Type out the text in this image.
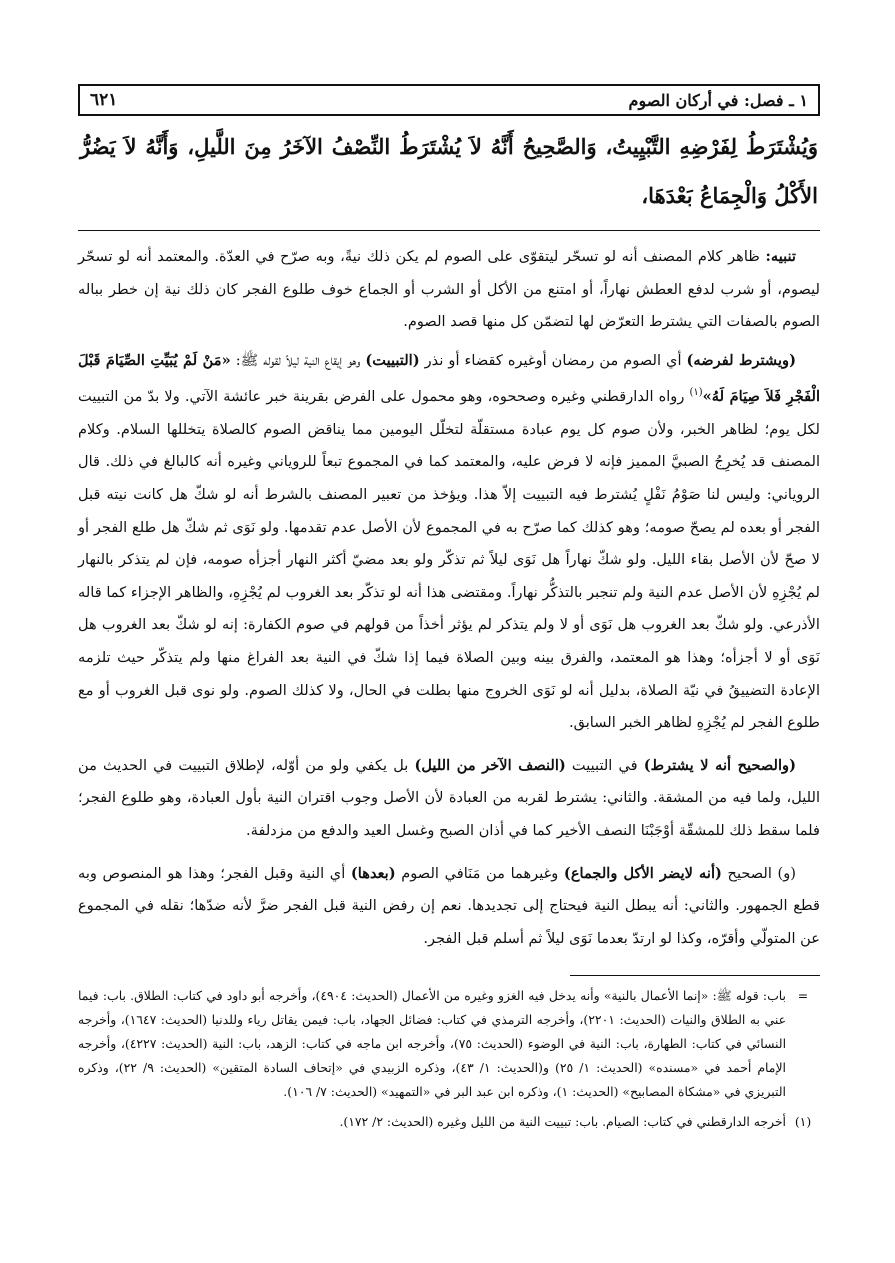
١ ـ فصل: في أركان الصوم
٦٢١
وَيُشْتَرَطُ لِفَرْضِهِ التَّبْيِيتُ، وَالصَّحِيحُ أَنَّهُ لاَ يُشْتَرَطُ النِّصْفُ الآخَرُ مِنَ اللَّيلِ، وَأَنَّهُ لاَ يَضُرُّ الأَكْلُ وَالْجِمَاعُ بَعْدَهَا،

تنبيه: ظاهر كلام المصنف أنه لو تسحّر ليتقوّى على الصوم لم يكن ذلك نيةً، وبه صرّح في العدّة. والمعتمد أنه لو تسحّر ليصوم، أو شرب لدفع العطش نهاراً، أو امتنع من الأكل أو الشرب أو الجماع خوف طلوع الفجر كان ذلك نية إن خطر بباله الصوم بالصفات التي يشترط التعرّض لها لتضمّن كل منها قصد الصوم.

(ويشترط لفرضه) أي الصوم من رمضان أوغيره كقضاء أو نذر (التبييت) وهو إيقاع النية ليلاً لقوله ﷺ: «مَنْ لَمْ يُبَيِّتِ الصِّيَامَ قَبْلَ الْفَجْرِ فَلاَ صِيَامَ لَهُ»$^{(١)}$ رواه الدارقطني وغيره وصححوه، وهو محمول على الفرض بقرينة خبر عائشة الآتي. ولا بدّ من التبييت لكل يوم؛ لظاهر الخبر، ولأن صوم كل يوم عبادة مستقلّة لتخلّل اليومين مما يناقض الصوم كالصلاة يتخللها السلام. وكلام المصنف قد يُخرِجُ الصبيَّ المميز فإنه لا فرض عليه، والمعتمد كما في المجموع تبعاً للروياني وغيره أنه كالبالغ في ذلك. قال الروياني: وليس لنا صَوْمُ نَفْلٍ يُشترط فيه التبييت إلاّ هذا. ويؤخذ من تعبير المصنف بالشرط أنه لو شكّ هل كانت نيته قبل الفجر أو بعده لم يصحّ صومه؛ وهو كذلك كما صرّح به في المجموع لأن الأصل عدم تقدمها. ولو نَوَى ثم شكّ هل طلع الفجر أو لا صحّ لأن الأصل بقاء الليل. ولو شكّ نهاراً هل نَوَى ليلاً ثم تذكّر ولو بعد مضيّ أكثر النهار أجزأه صومه، فإن لم يتذكر بالنهار لم يُجْزِهِ لأن الأصل عدم النية ولم تنجبر بالتذكُّر نهاراً. ومقتضى هذا أنه لو تذكّر بعد الغروب لم يُجْزِهِ، والظاهر الإجزاء كما قاله الأذرعي. ولو شكّ بعد الغروب هل نَوَى أو لا ولم يتذكر لم يؤثر أخذاً من قولهم في صوم الكفارة: إنه لو شكّ بعد الغروب هل نَوَى أو لا أجزأه؛ وهذا هو المعتمد، والفرق بينه وبين الصلاة فيما إذا شكّ في النية بعد الفراغ منها ولم يتذكّر حيث تلزمه الإعادة التضييقُ في نيّة الصلاة، بدليل أنه لو نَوَى الخروج منها بطلت في الحال، ولا كذلك الصوم. ولو نوى قبل الغروب أو مع طلوع الفجر لم يُجْزِهِ لظاهر الخبر السابق.

(والصحيح أنه لا يشترط) في التبييت (النصف الآخر من الليل) بل يكفي ولو من أوّله، لإطلاق التبييت في الحديث من الليل، ولما فيه من المشقة. والثاني: يشترط لقربه من العبادة لأن الأصل وجوب اقتران النية بأول العبادة، وهو طلوع الفجر؛ فلما سقط ذلك للمشقّة أوْجَبْنَا النصف الأخير كما في أذان الصبح وغسل العيد والدفع من مزدلفة.

(و) الصحيح (أنه لايضر الأكل والجماع) وغيرهما من مَنَافي الصوم (بعدها) أي النية وقبل الفجر؛ وهذا هو المنصوص وبه قطع الجمهور. والثاني: أنه يبطل النية فيحتاج إلى تجديدها. نعم إن رفض النية قبل الفجر ضرَّ لأنه ضدّها؛ نقله في المجموع عن المتولّي وأقرّه، وكذا لو ارتدّ بعدما نَوَى ليلاً ثم أسلم قبل الفجر.

=
باب: قوله ﷺ: «إنما الأعمال بالنية» وأنه يدخل فيه الغزو وغيره من الأعمال (الحديث: ٤٩٠٤)، وأخرجه أبو داود في كتاب: الطلاق. باب: فيما عني به الطلاق والنيات (الحديث: ٢٢٠١)، وأخرجه الترمذي في كتاب: فضائل الجهاد، باب: فيمن يقاتل رياء وللدنيا (الحديث: ١٦٤٧)، وأخرجه النسائي في كتاب: الطهارة، باب: النية في الوضوء (الحديث: ٧٥)، وأخرجه ابن ماجه في كتاب: الزهد، باب: النية (الحديث: ٤٢٢٧)، وأخرجه الإمام أحمد في «مسنده» (الحديث: ١/ ٢٥) و(الحديث: ١/ ٤٣)، وذكره الزبيدي في «إتحاف السادة المتقين» (الحديث: ٩/ ٢٢)، وذكره التبريزي في «مشكاة المصابيح» (الحديث: ١)، وذكره ابن عبد البر في «التمهيد» (الحديث: ٧/ ١٠٦).
(١)
أخرجه الدارقطني في كتاب: الصيام. باب: تبييت النية من الليل وغيره (الحديث: ٢/ ١٧٢).
